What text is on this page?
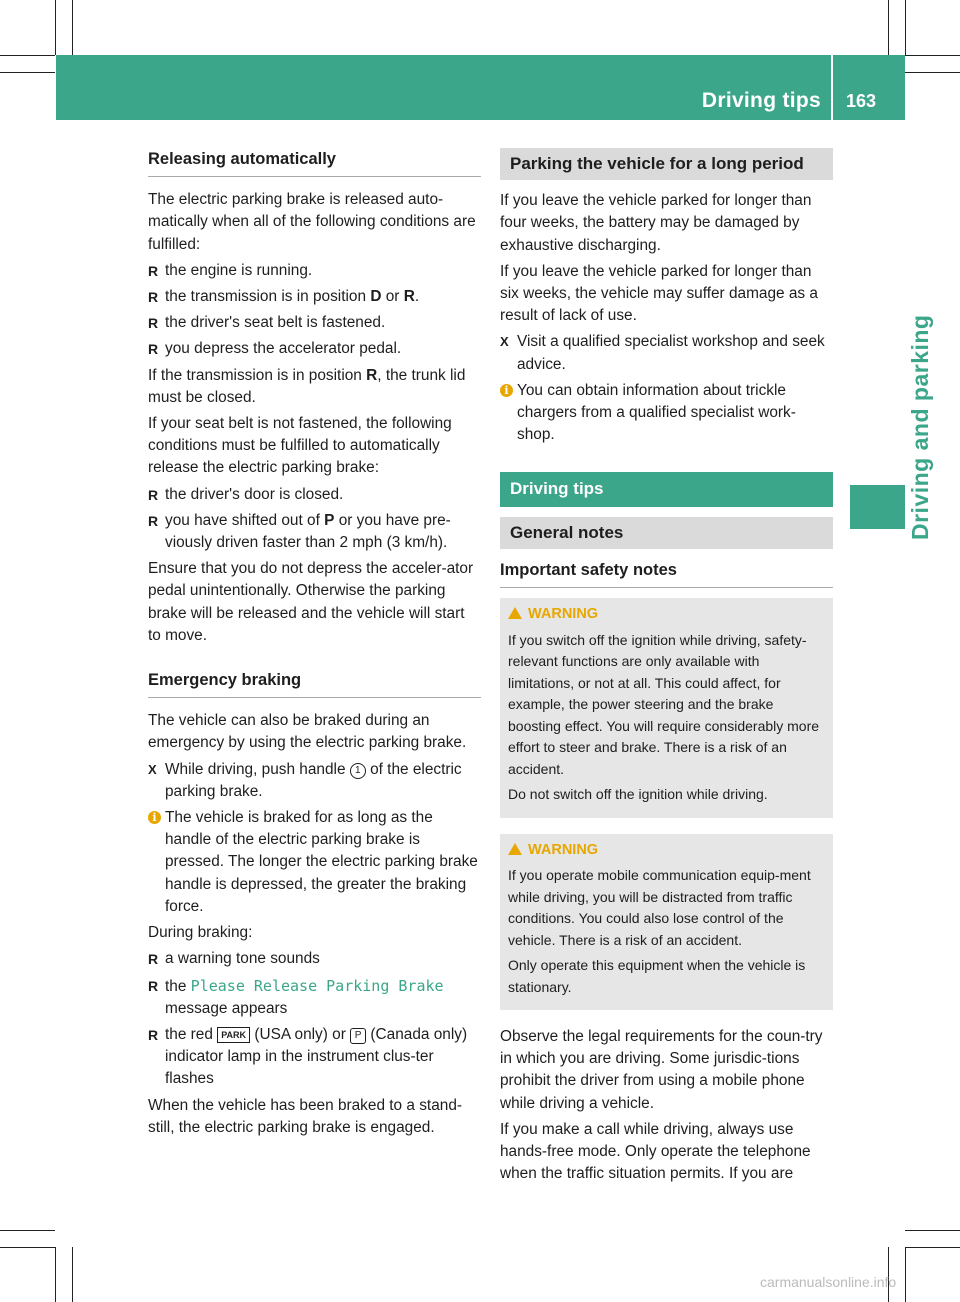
Driving tips 163
Driving and parking
Releasing automatically

The electric parking brake is released auto-matically when all of the following conditions are fulfilled:

R the engine is running.

R the transmission is in position D or R.

R the driver's seat belt is fastened.

R you depress the accelerator pedal.

If the transmission is in position R, the trunk lid must be closed.

If your seat belt is not fastened, the following conditions must be fulfilled to automatically release the electric parking brake:

R the driver's door is closed.

R you have shifted out of P or you have pre-viously driven faster than 2 mph (3 km/h).

Ensure that you do not depress the acceler-ator pedal unintentionally. Otherwise the parking brake will be released and the vehicle will start to move.

Emergency braking

The vehicle can also be braked during an emergency by using the electric parking brake.

X While driving, push handle 1 of the electric parking brake.

i The vehicle is braked for as long as the handle of the electric parking brake is pressed. The longer the electric parking brake handle is depressed, the greater the braking force.

During braking:

R a warning tone sounds

R the Please Release Parking Brake
message appears

R the red PARK (USA only) or P (Canada only) indicator lamp in the instrument clus-ter flashes

When the vehicle has been braked to a stand-still, the electric parking brake is engaged.

Parking the vehicle for a long period

If you leave the vehicle parked for longer than four weeks, the battery may be damaged by exhaustive discharging.

If you leave the vehicle parked for longer than six weeks, the vehicle may suffer damage as a result of lack of use.

X Visit a qualified specialist workshop and seek advice.

i You can obtain information about trickle chargers from a qualified specialist work-shop.

Driving tips
General notes
Important safety notes
WARNING

If you switch off the ignition while driving, safety-relevant functions are only available with limitations, or not at all. This could affect, for example, the power steering and the brake boosting effect. You will require considerably more effort to steer and brake. There is a risk of an accident.

Do not switch off the ignition while driving.

WARNING

If you operate mobile communication equip-ment while driving, you will be distracted from traffic conditions. You could also lose control of the vehicle. There is a risk of an accident.

Only operate this equipment when the vehicle is stationary.

Observe the legal requirements for the coun-try in which you are driving. Some jurisdic-tions prohibit the driver from using a mobile phone while driving a vehicle.

If you make a call while driving, always use hands-free mode. Only operate the telephone when the traffic situation permits. If you are

carmanualsonline.info
